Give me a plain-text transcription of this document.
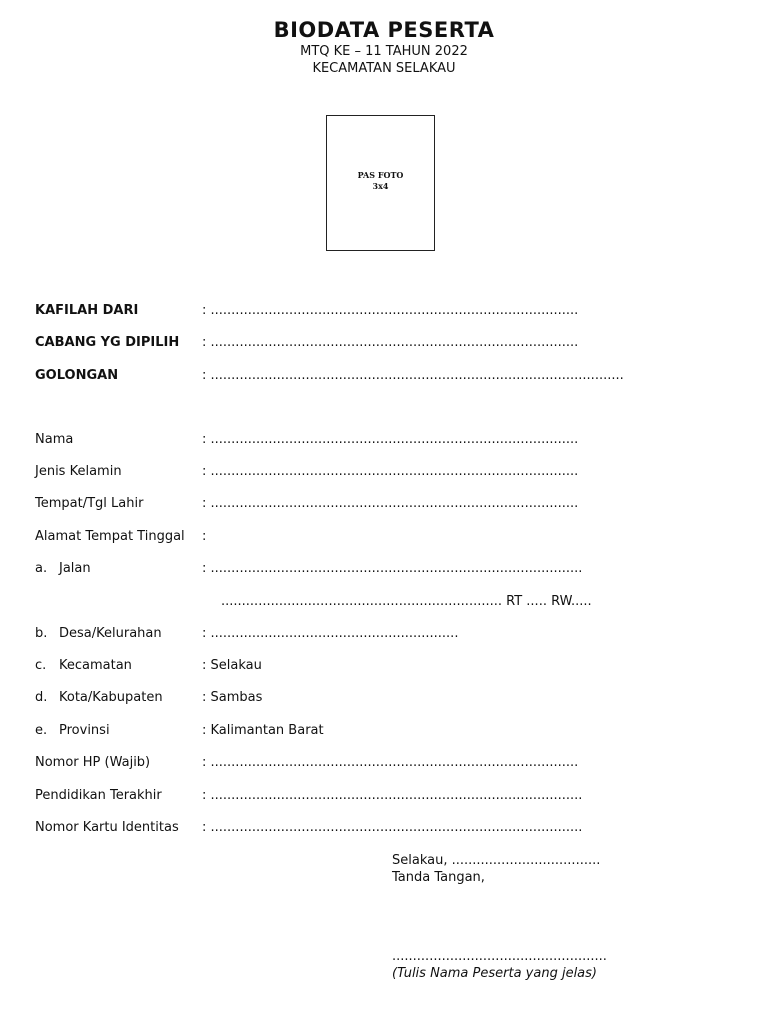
BIODATA PESERTA
MTQ KE – 11 TAHUN 2022
KECAMATAN SELAKAU
PAS FOTO
3x4
KAFILAH DARI	: .........................................................................................
CABANG YG DIPILIH : .........................................................................................
GOLONGAN	: ....................................................................................................
Nama	: .........................................................................................
Jenis Kelamin	: .........................................................................................
Tempat/Tgl Lahir	: .........................................................................................
Alamat Tempat Tinggal :
a. Jalan	: ..........................................................................................
.................................................................... RT ..... RW.....
b. Desa/Kelurahan	: ............................................................
c. Kecamatan	: Selakau
d. Kota/Kabupaten	: Sambas
e. Provinsi	: Kalimantan Barat
Nomor HP (Wajib)	: .........................................................................................
Pendidikan Terakhir	: ..........................................................................................
Nomor Kartu Identitas : ..........................................................................................
Selakau, ....................................
Tanda Tangan,
....................................................
(Tulis Nama Peserta yang jelas)
